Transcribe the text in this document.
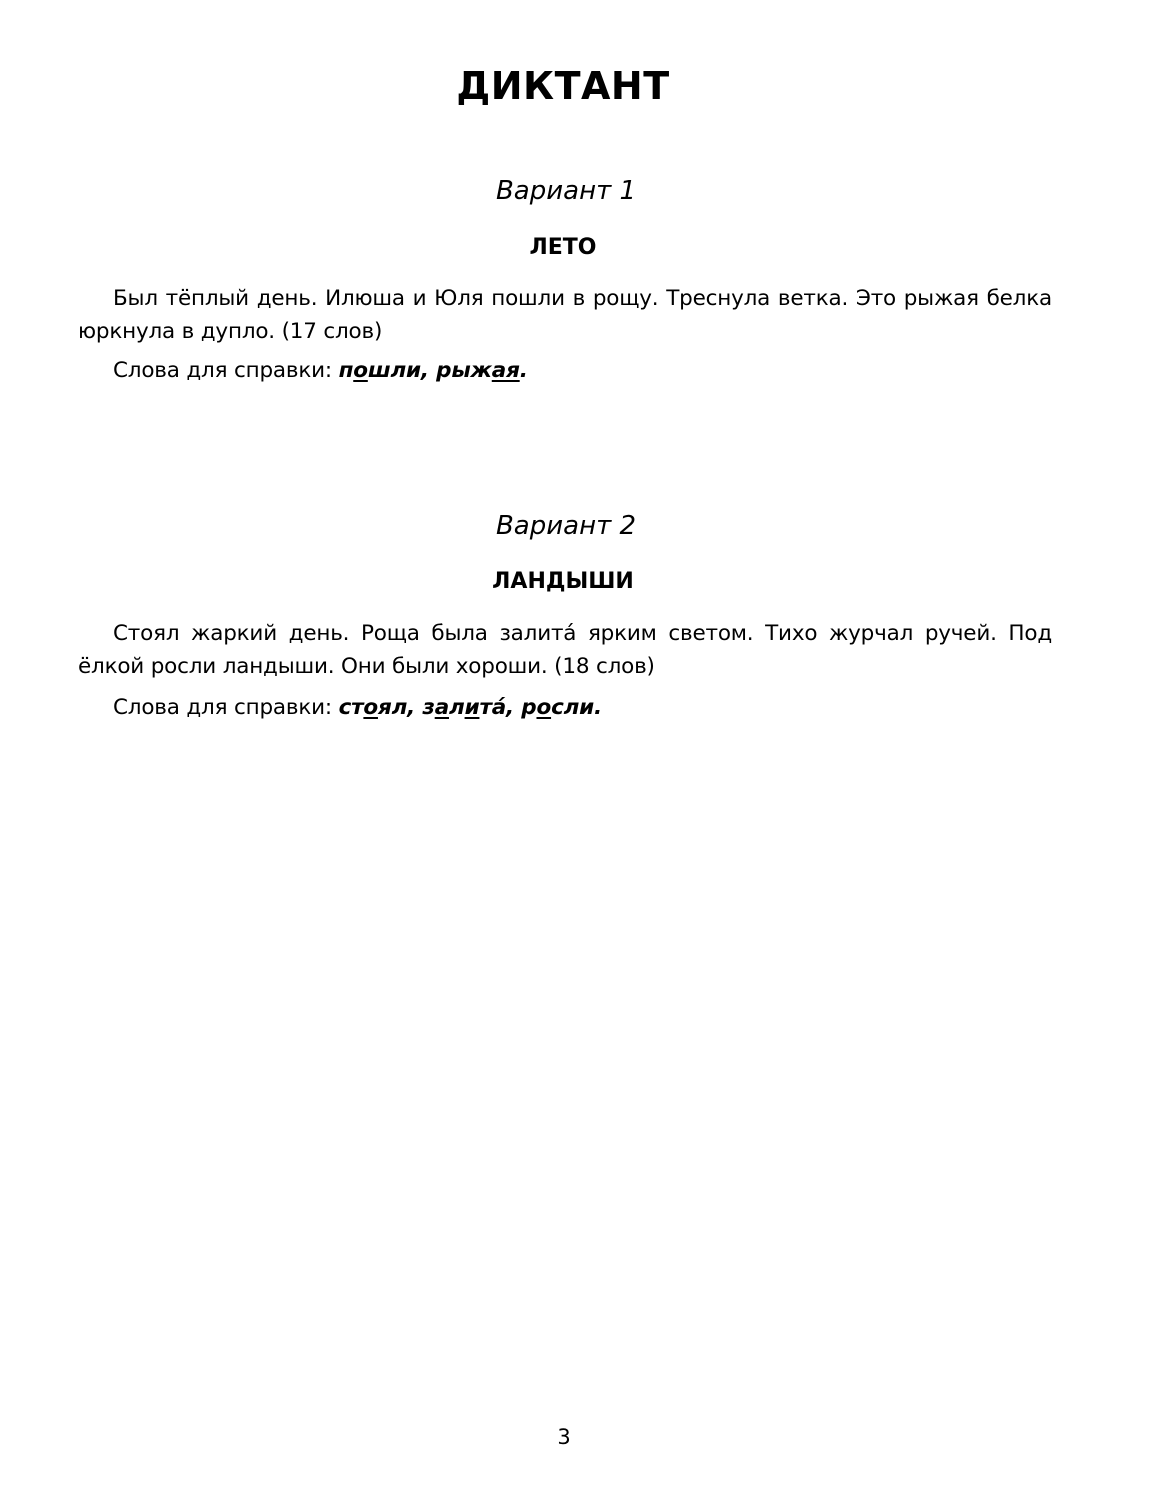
ДИКТАНТ
Вариант 1
ЛЕТО
Был тёплый день. Илюша и Юля пошли в рощу. Треснула ветка. Это рыжая белка юркнула в дупло. (17 слов)
Слова для справки: пошли, рыжая.
Вариант 2
ЛАНДЫШИ
Стоял жаркий день. Роща была залита́ ярким светом. Тихо журчал ручей. Под ёлкой росли ландыши. Они были хороши. (18 слов)
Слова для справки: стоял, залита́, росли.
3
